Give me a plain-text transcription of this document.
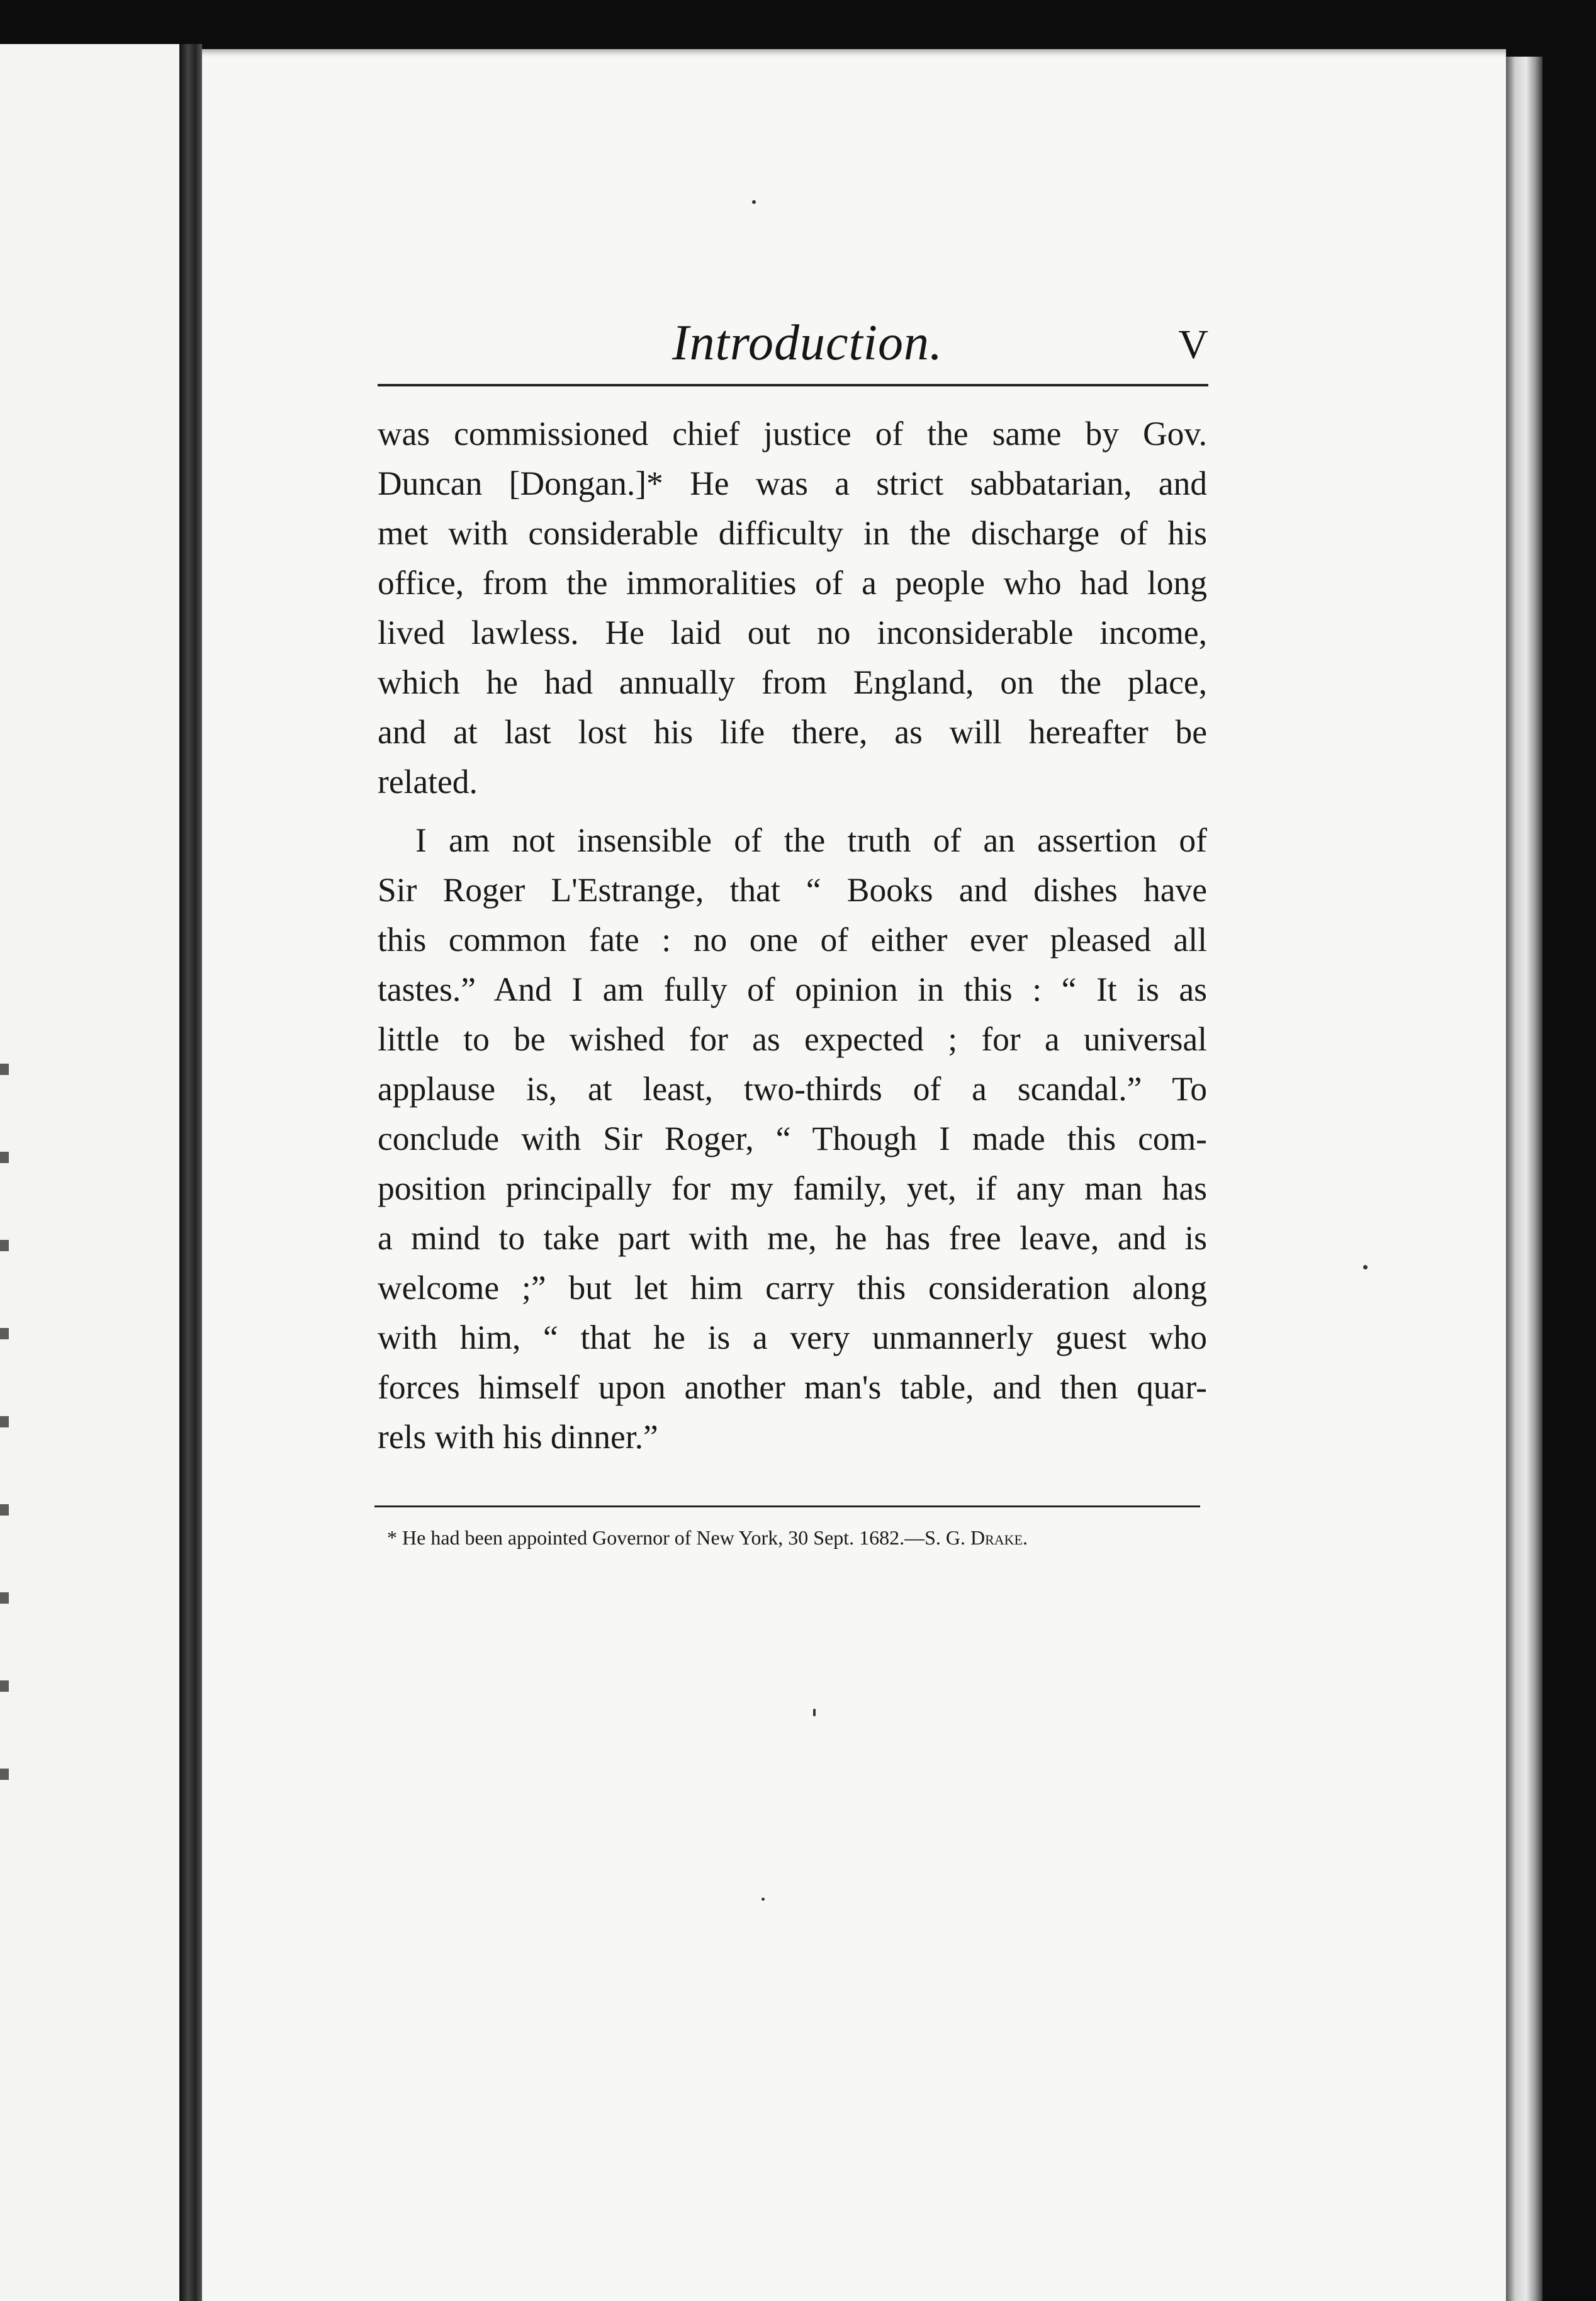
Introduction.	V

was commissioned chief justice of the same by Gov.
Duncan [Dongan.]* He was a strict sabbatarian, and
met with considerable difficulty in the discharge of his
office, from the immoralities of a people who had long
lived lawless. He laid out no inconsiderable income,
which he had annually from England, on the place,
and at last lost his life there, as will hereafter be
related.

I am not insensible of the truth of an assertion of
Sir Roger L'Estrange, that “ Books and dishes have
this common fate : no one of either ever pleased all
tastes.” And I am fully of opinion in this : “ It is as
little to be wished for as expected ; for a universal
applause is, at least, two-thirds of a scandal.” To
conclude with Sir Roger, “ Though I made this com-
position principally for my family, yet, if any man has
a mind to take part with me, he has free leave, and is
welcome ;” but let him carry this consideration along
with him, “ that he is a very unmannerly guest who
forces himself upon another man's table, and then quar-
rels with his dinner.”

* He had been appointed Governor of New York, 30 Sept. 1682.—S. G. Drake.
